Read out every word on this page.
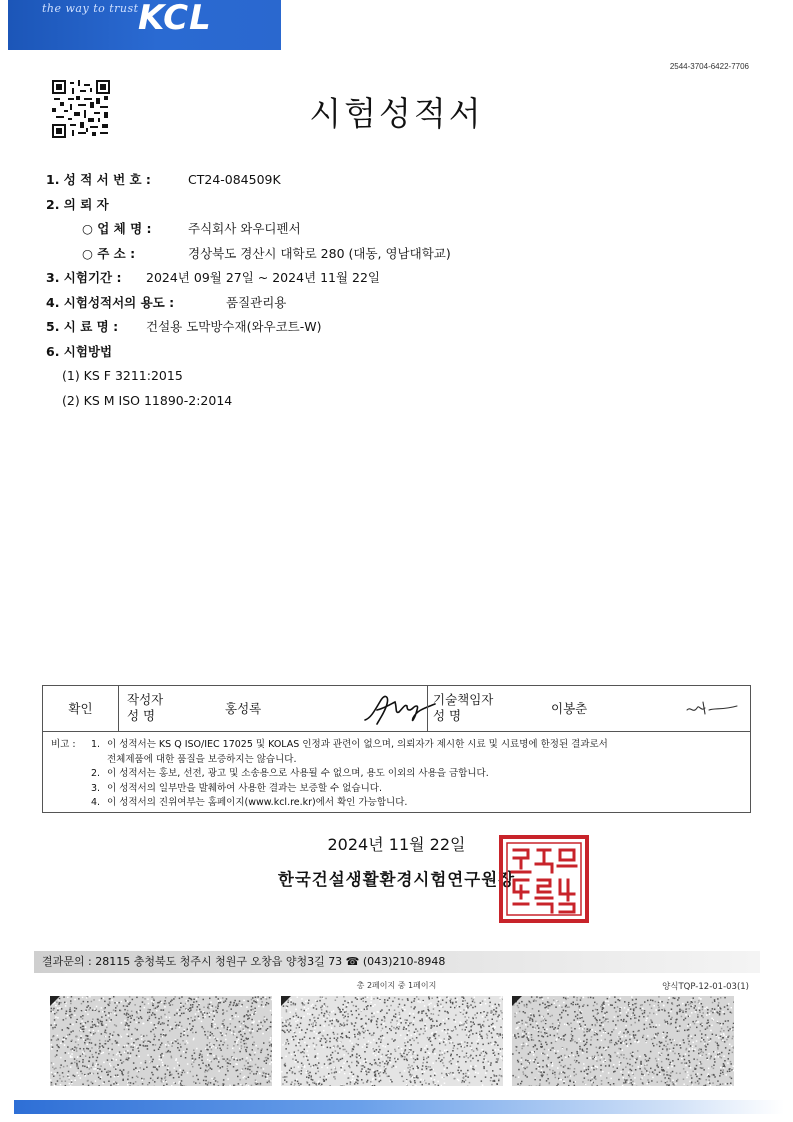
the way to trust KCL
2544-3704-6422-7706
시험성적서
1. 성 적 서 번 호 :	CT24-084509K
2. 의 뢰 자
○ 업 체 명 :	주식회사 와우디펜서
○ 주 소 :	경상북도 경산시 대학로 280 (대동, 영남대학교)
3. 시험기간 : 2024년 09월 27일 ~ 2024년 11월 22일
4. 시험성적서의 용도 :	품질관리용
5. 시 료 명 : 건설용 도막방수재(와우코트-W)
6. 시험방법
(1) KS F 3211:2015
(2) KS M ISO 11890-2:2014
확인
작성자
성 명	홍성록
기술책임자
성 명	이봉춘
비고 : 1. 이 성적서는 KS Q ISO/IEC 17025 및 KOLAS 인정과 관련이 없으며, 의뢰자가 제시한 시료 및 시료명에 한정된 결과로서
전체제품에 대한 품질을 보증하지는 않습니다.
2. 이 성적서는 홍보, 선전, 광고 및 소송용으로 사용될 수 없으며, 용도 이외의 사용을 금합니다.
3. 이 성적서의 일부만을 발췌하여 사용한 결과는 보증할 수 없습니다.
4. 이 성적서의 진위여부는 홈페이지(www.kcl.re.kr)에서 확인 가능합니다.
2024년 11월 22일
한국건설생활환경시험연구원장
결과문의 : 28115 충청북도 청주시 청원구 오창읍 양청3길 73 ☎ (043)210-8948
총 2페이지 중 1페이지	양식TQP-12-01-03(1)
